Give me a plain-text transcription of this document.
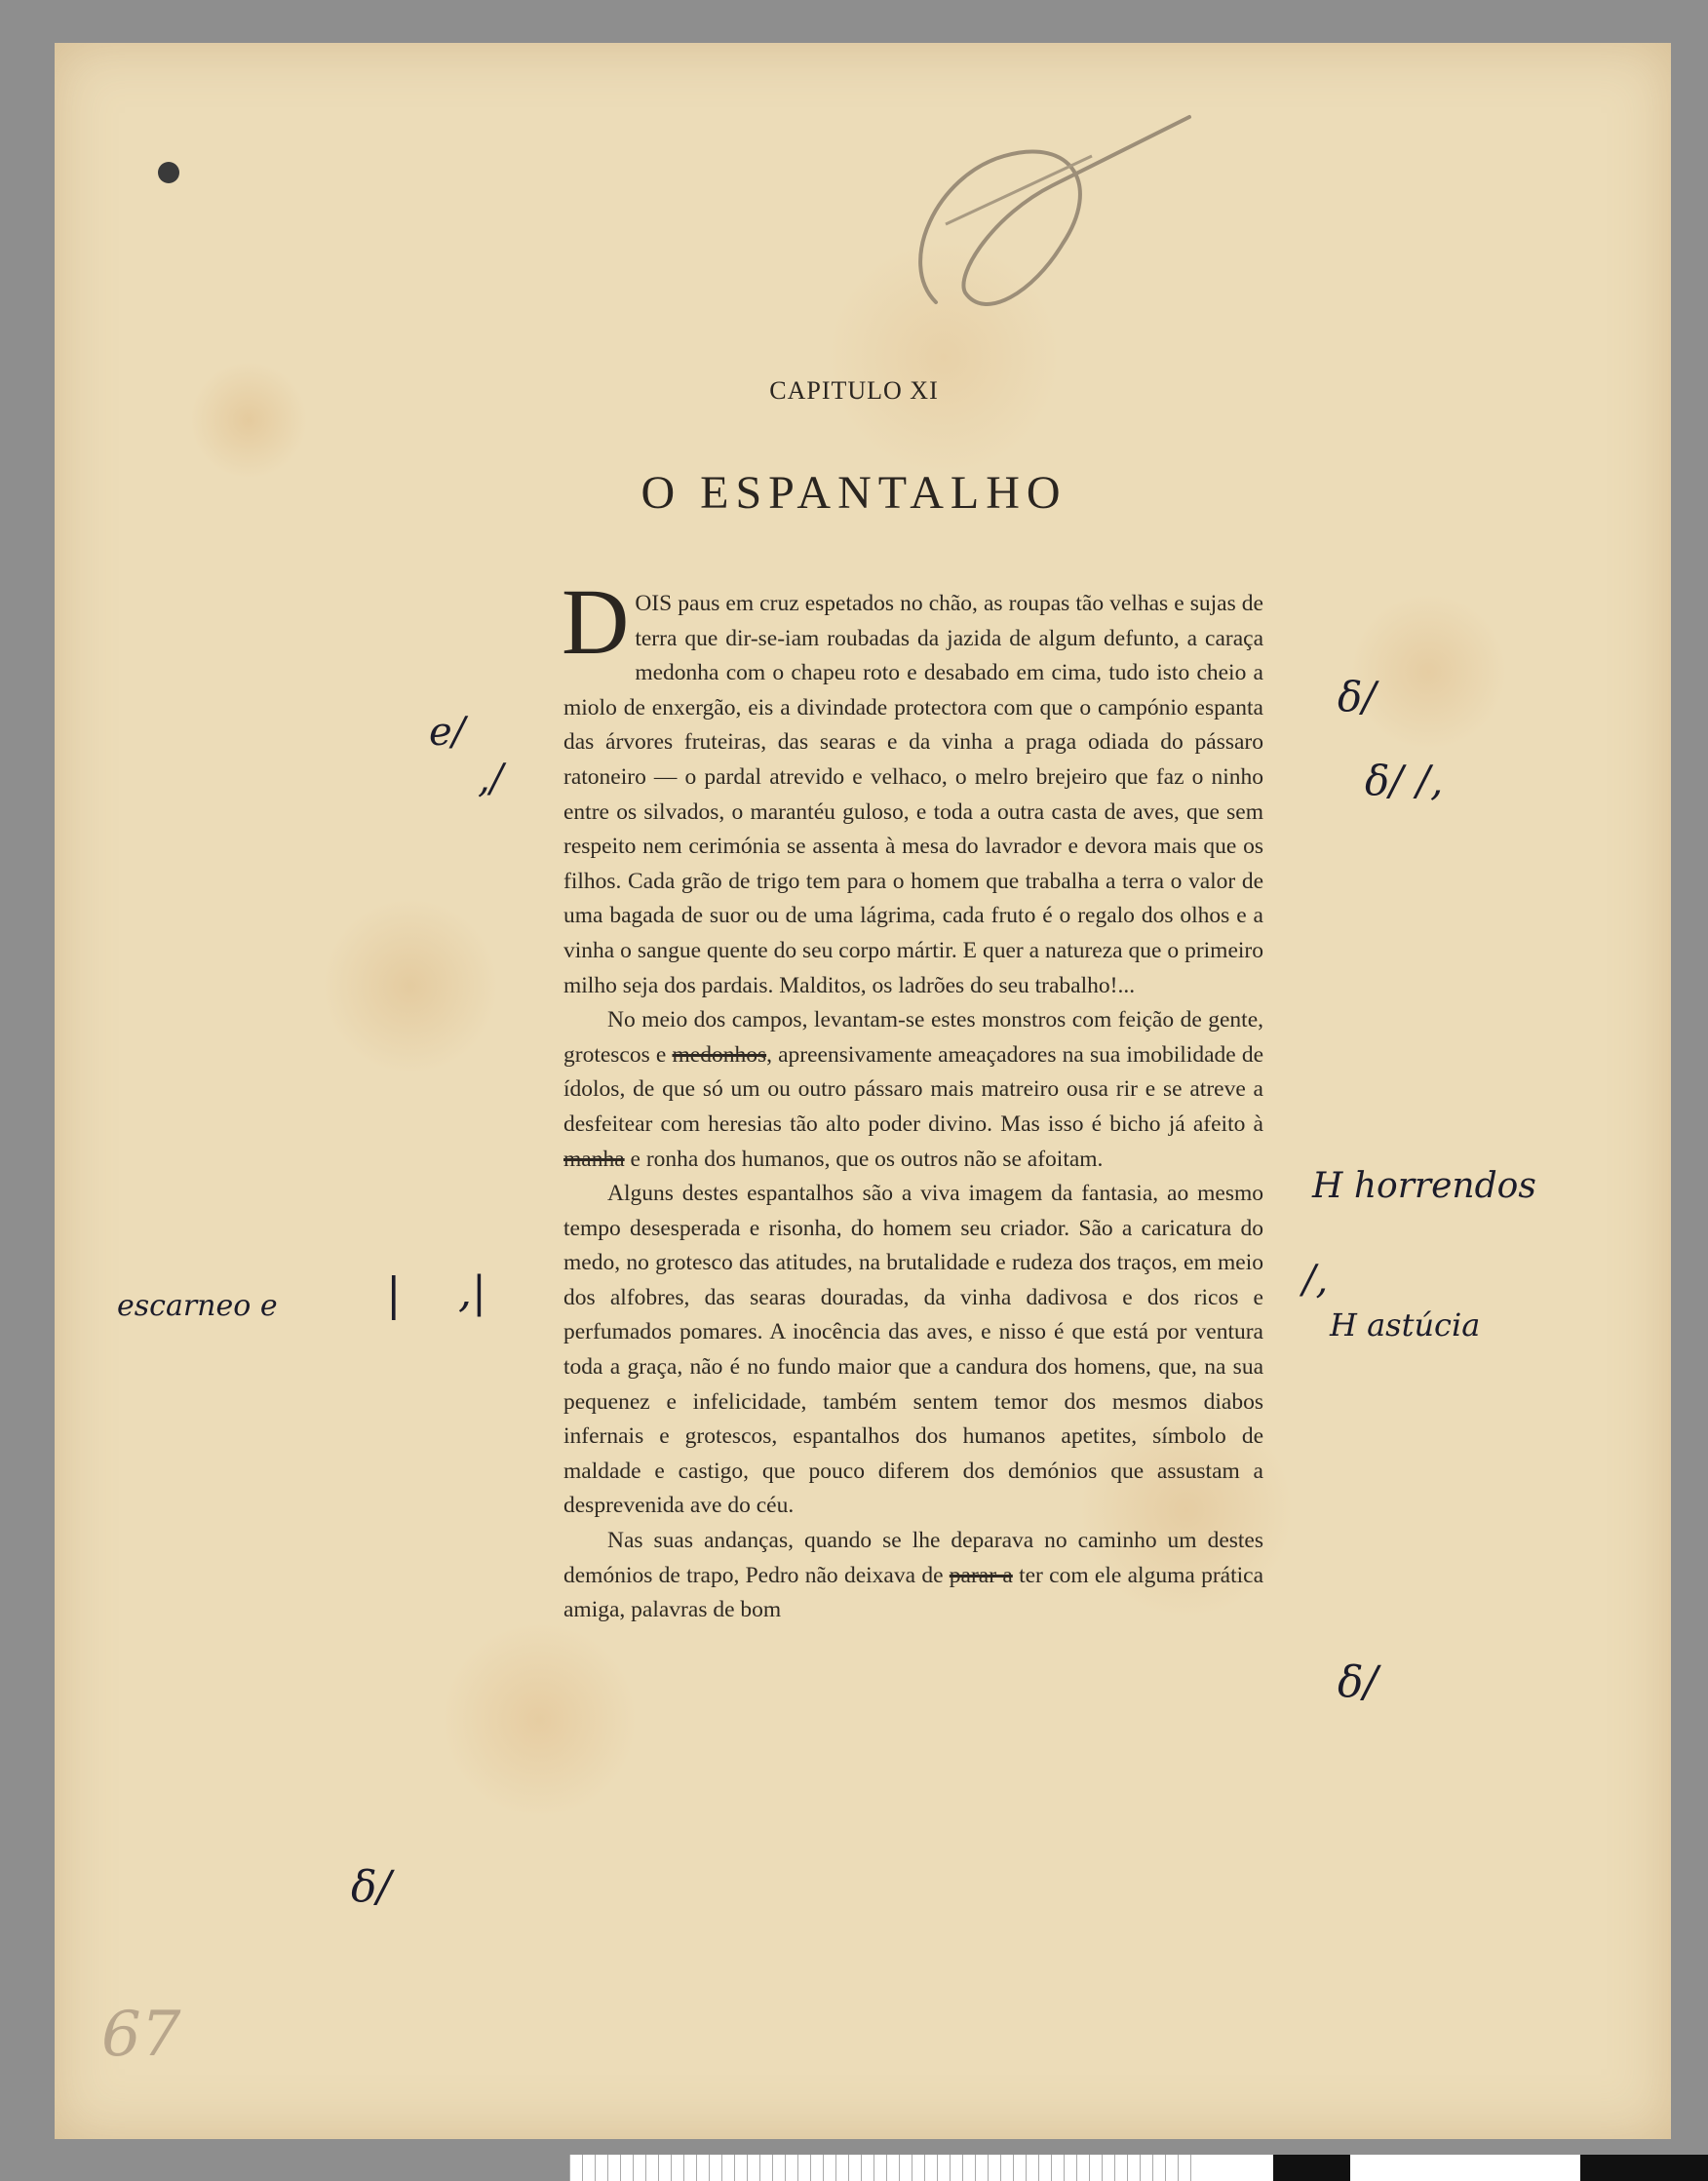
CAPITULO XI
O ESPANTALHO

DOIS paus em cruz espetados no chão, as roupas tão velhas e sujas de terra que dir-se-iam roubadas da jazida de algum defunto, a caraça medonha com o chapeu roto e desabado em cima, tudo isto cheio a miolo de enxergão, eis a divindade protectora com que o campónio espanta das árvores fruteiras, das searas e da vinha a praga odiada do pássaro ratoneiro — o pardal atrevido e velhaco, o melro brejeiro que faz o ninho entre os silvados, o marantéu guloso, e toda a outra casta de aves, que sem respeito nem cerimónia se assenta à mesa do lavrador e devora mais que os filhos. Cada grão de trigo tem para o homem que trabalha a terra o valor de uma bagada de suor ou de uma lágrima, cada fruto é o regalo dos olhos e a vinha o sangue quente do seu corpo mártir. E quer a natureza que o primeiro milho seja dos pardais. Malditos, os ladrões do seu trabalho!...

No meio dos campos, levantam-se estes monstros com feição de gente, grotescos e medonhos, apreensivamente ameaçadores na sua imobilidade de ídolos, de que só um ou outro pássaro mais matreiro ousa rir e se atreve a desfeitear com heresias tão alto poder divino. Mas isso é bicho já afeito à manha e ronha dos humanos, que os outros não se afoitam.

Alguns destes espantalhos são a viva imagem da fantasia, ao mesmo tempo desesperada e risonha, do homem seu criador. São a caricatura do medo, no grotesco das atitudes, na brutalidade e rudeza dos traços, em meio dos alfobres, das searas douradas, da vinha dadivosa e dos ricos e perfumados pomares. A inocência das aves, e nisso é que está por ventura toda a graça, não é no fundo maior que a candura dos homens, que, na sua pequenez e infelicidade, também sentem temor dos mesmos diabos infernais e grotescos, espantalhos dos humanos apetites, símbolo de maldade e castigo, que pouco diferem dos demónios que assustam a desprevenida ave do céu.

Nas suas andanças, quando se lhe deparava no caminho um destes demónios de trapo, Pedro não deixava de parar a ter com ele alguma prática amiga, palavras de bom

e/
,/
escarneo e | ,|
δ/
δ/
δ/ /,
H horrendos
/,
H astúcia
δ/
67
